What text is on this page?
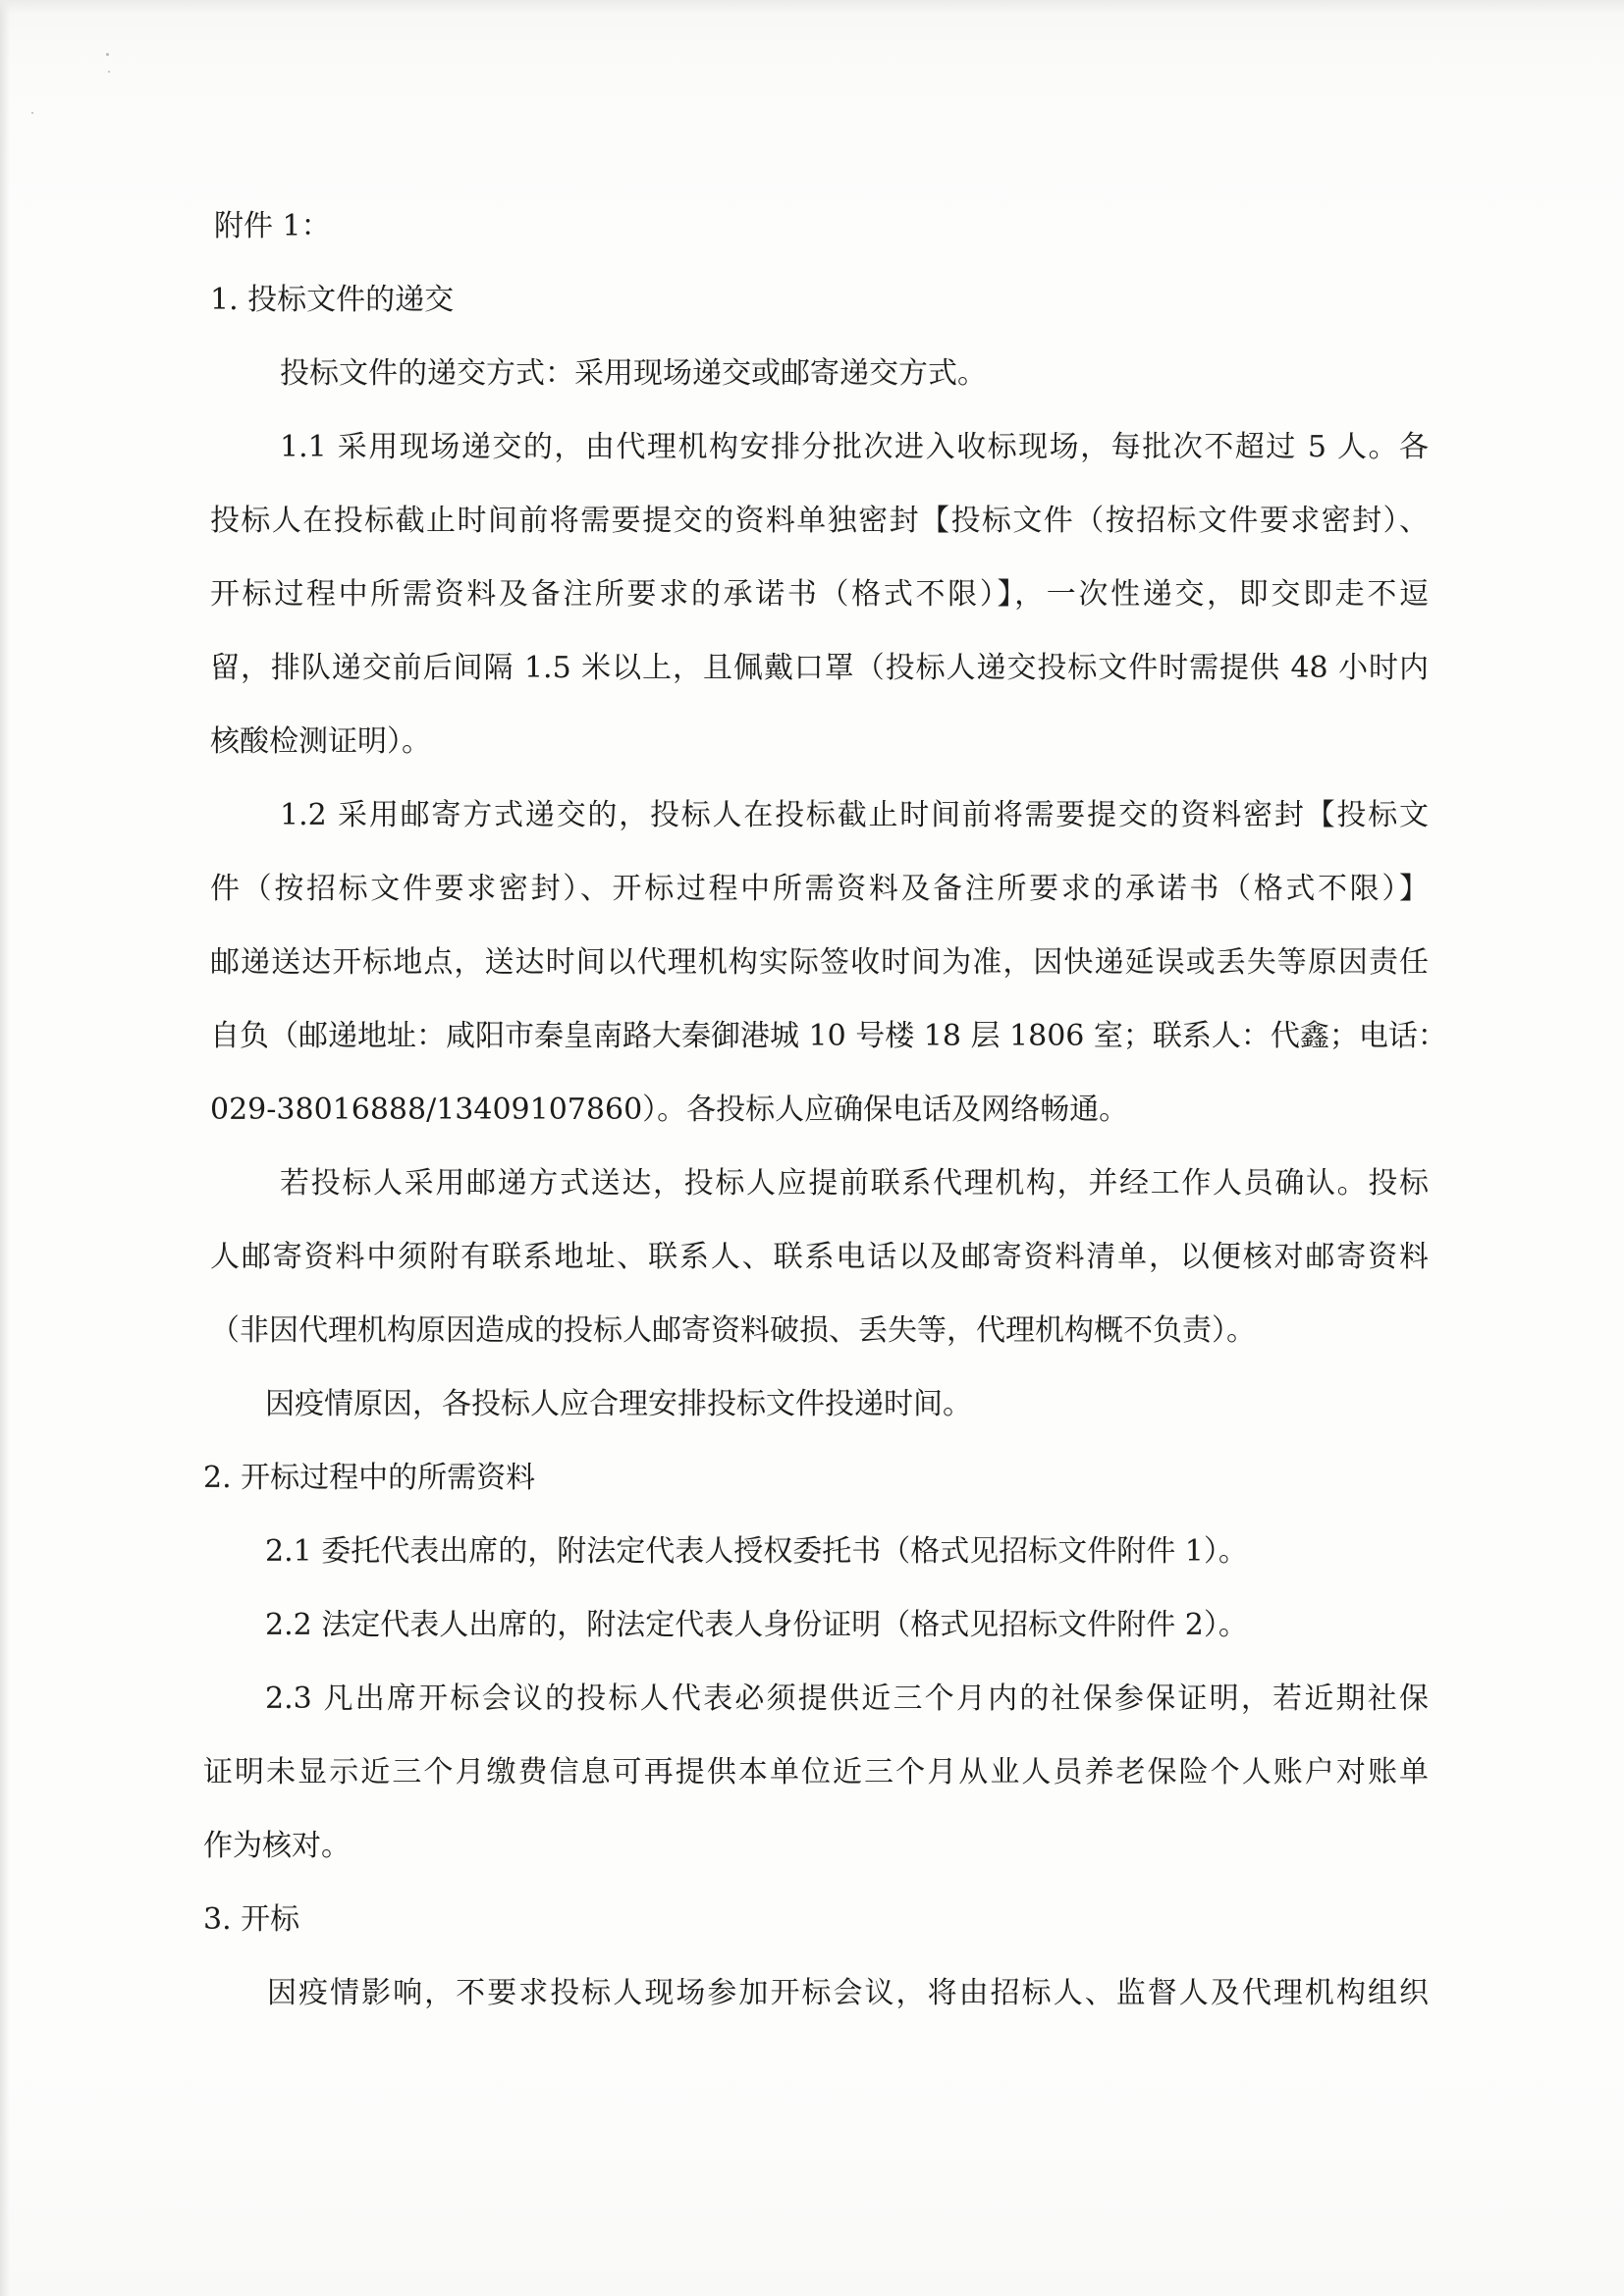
附件 1：
1. 投标文件的递交
投标文件的递交方式：采用现场递交或邮寄递交方式。
1.1 采用现场递交的，由代理机构安排分批次进入收标现场，每批次不超过 5 人。各
投标人在投标截止时间前将需要提交的资料单独密封【投标文件（按招标文件要求密封）、
开标过程中所需资料及备注所要求的承诺书（格式不限）】，一次性递交，即交即走不逗
留，排队递交前后间隔 1.5 米以上，且佩戴口罩（投标人递交投标文件时需提供 48 小时内
核酸检测证明）。
1.2 采用邮寄方式递交的，投标人在投标截止时间前将需要提交的资料密封【投标文
件（按招标文件要求密封）、开标过程中所需资料及备注所要求的承诺书（格式不限）】
邮递送达开标地点，送达时间以代理机构实际签收时间为准，因快递延误或丢失等原因责任
自负（邮递地址：咸阳市秦皇南路大秦御港城 10 号楼 18 层 1806 室；联系人：代鑫；电话：
029-38016888/13409107860）。各投标人应确保电话及网络畅通。
若投标人采用邮递方式送达，投标人应提前联系代理机构，并经工作人员确认。投标
人邮寄资料中须附有联系地址、联系人、联系电话以及邮寄资料清单，以便核对邮寄资料
（非因代理机构原因造成的投标人邮寄资料破损、丢失等，代理机构概不负责）。
因疫情原因，各投标人应合理安排投标文件投递时间。
2. 开标过程中的所需资料
2.1 委托代表出席的，附法定代表人授权委托书（格式见招标文件附件 1）。
2.2 法定代表人出席的，附法定代表人身份证明（格式见招标文件附件 2）。
2.3 凡出席开标会议的投标人代表必须提供近三个月内的社保参保证明，若近期社保
证明未显示近三个月缴费信息可再提供本单位近三个月从业人员养老保险个人账户对账单
作为核对。
3. 开标
因疫情影响，不要求投标人现场参加开标会议，将由招标人、监督人及代理机构组织
